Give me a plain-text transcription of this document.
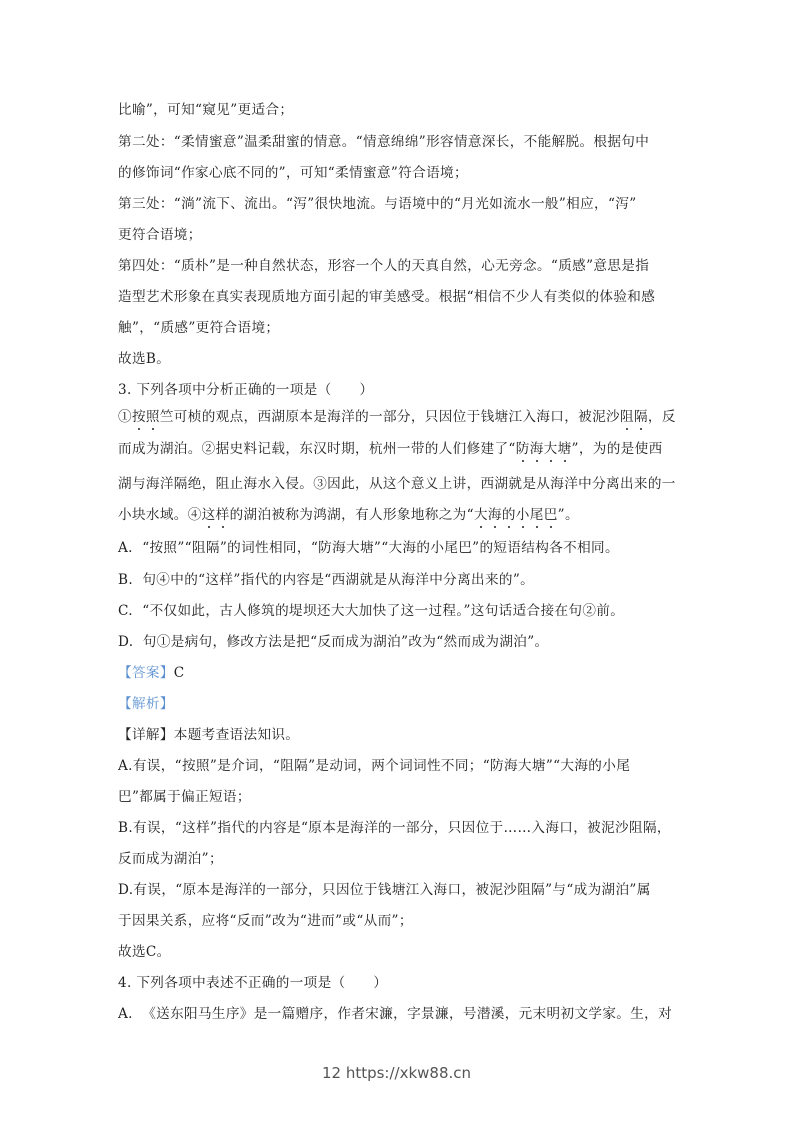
比喻”，可知“窥见”更适合；
第二处：“柔情蜜意”温柔甜蜜的情意。“情意绵绵”形容情意深长，不能解脱。根据句中
的修饰词“作家心底不同的”，可知“柔情蜜意”符合语境；
第三处：“淌”流下、流出。“泻”很快地流。与语境中的“月光如流水一般”相应，“泻”
更符合语境；
第四处：“质朴”是一种自然状态，形容一个人的天真自然，心无旁念。“质感”意思是指
造型艺术形象在真实表现质地方面引起的审美感受。根据“相信不少人有类似的体验和感
触”，“质感”更符合语境；
故选B。
3. 下列各项中分析正确的一项是（　　）
①按照竺可桢的观点，西湖原本是海洋的一部分，只因位于钱塘江入海口，被泥沙阻隔，反
而成为湖泊。②据史料记载，东汉时期，杭州一带的人们修建了“防海大塘”，为的是使西
湖与海洋隔绝，阻止海水入侵。③因此，从这个意义上讲，西湖就是从海洋中分离出来的一
小块水域。④这样的湖泊被称为鸿湖，有人形象地称之为“大海的小尾巴”。
A. “按照”“阻隔”的词性相同，“防海大塘”“大海的小尾巴”的短语结构各不相同。
B. 句④中的“这样”指代的内容是“西湖就是从海洋中分离出来的”。
C. “不仅如此，古人修筑的堤坝还大大加快了这一过程。”这句话适合接在句②前。
D. 句①是病句，修改方法是把“反而成为湖泊”改为“然而成为湖泊”。
【答案】C
【解析】
【详解】本题考查语法知识。
A.有误，“按照”是介词，“阻隔”是动词，两个词词性不同；“防海大塘”“大海的小尾
巴”都属于偏正短语；
B.有误，“这样”指代的内容是“原本是海洋的一部分，只因位于……入海口，被泥沙阻隔，
反而成为湖泊”；
D.有误，“原本是海洋的一部分，只因位于钱塘江入海口，被泥沙阻隔”与“成为湖泊”属
于因果关系，应将“反而”改为“进而”或“从而”；
故选C。
4. 下列各项中表述不正确的一项是（　　）
A. 《送东阳马生序》是一篇赠序，作者宋濂，字景濂，号潜溪，元末明初文学家。生，对
12 https://xkw88.cn
